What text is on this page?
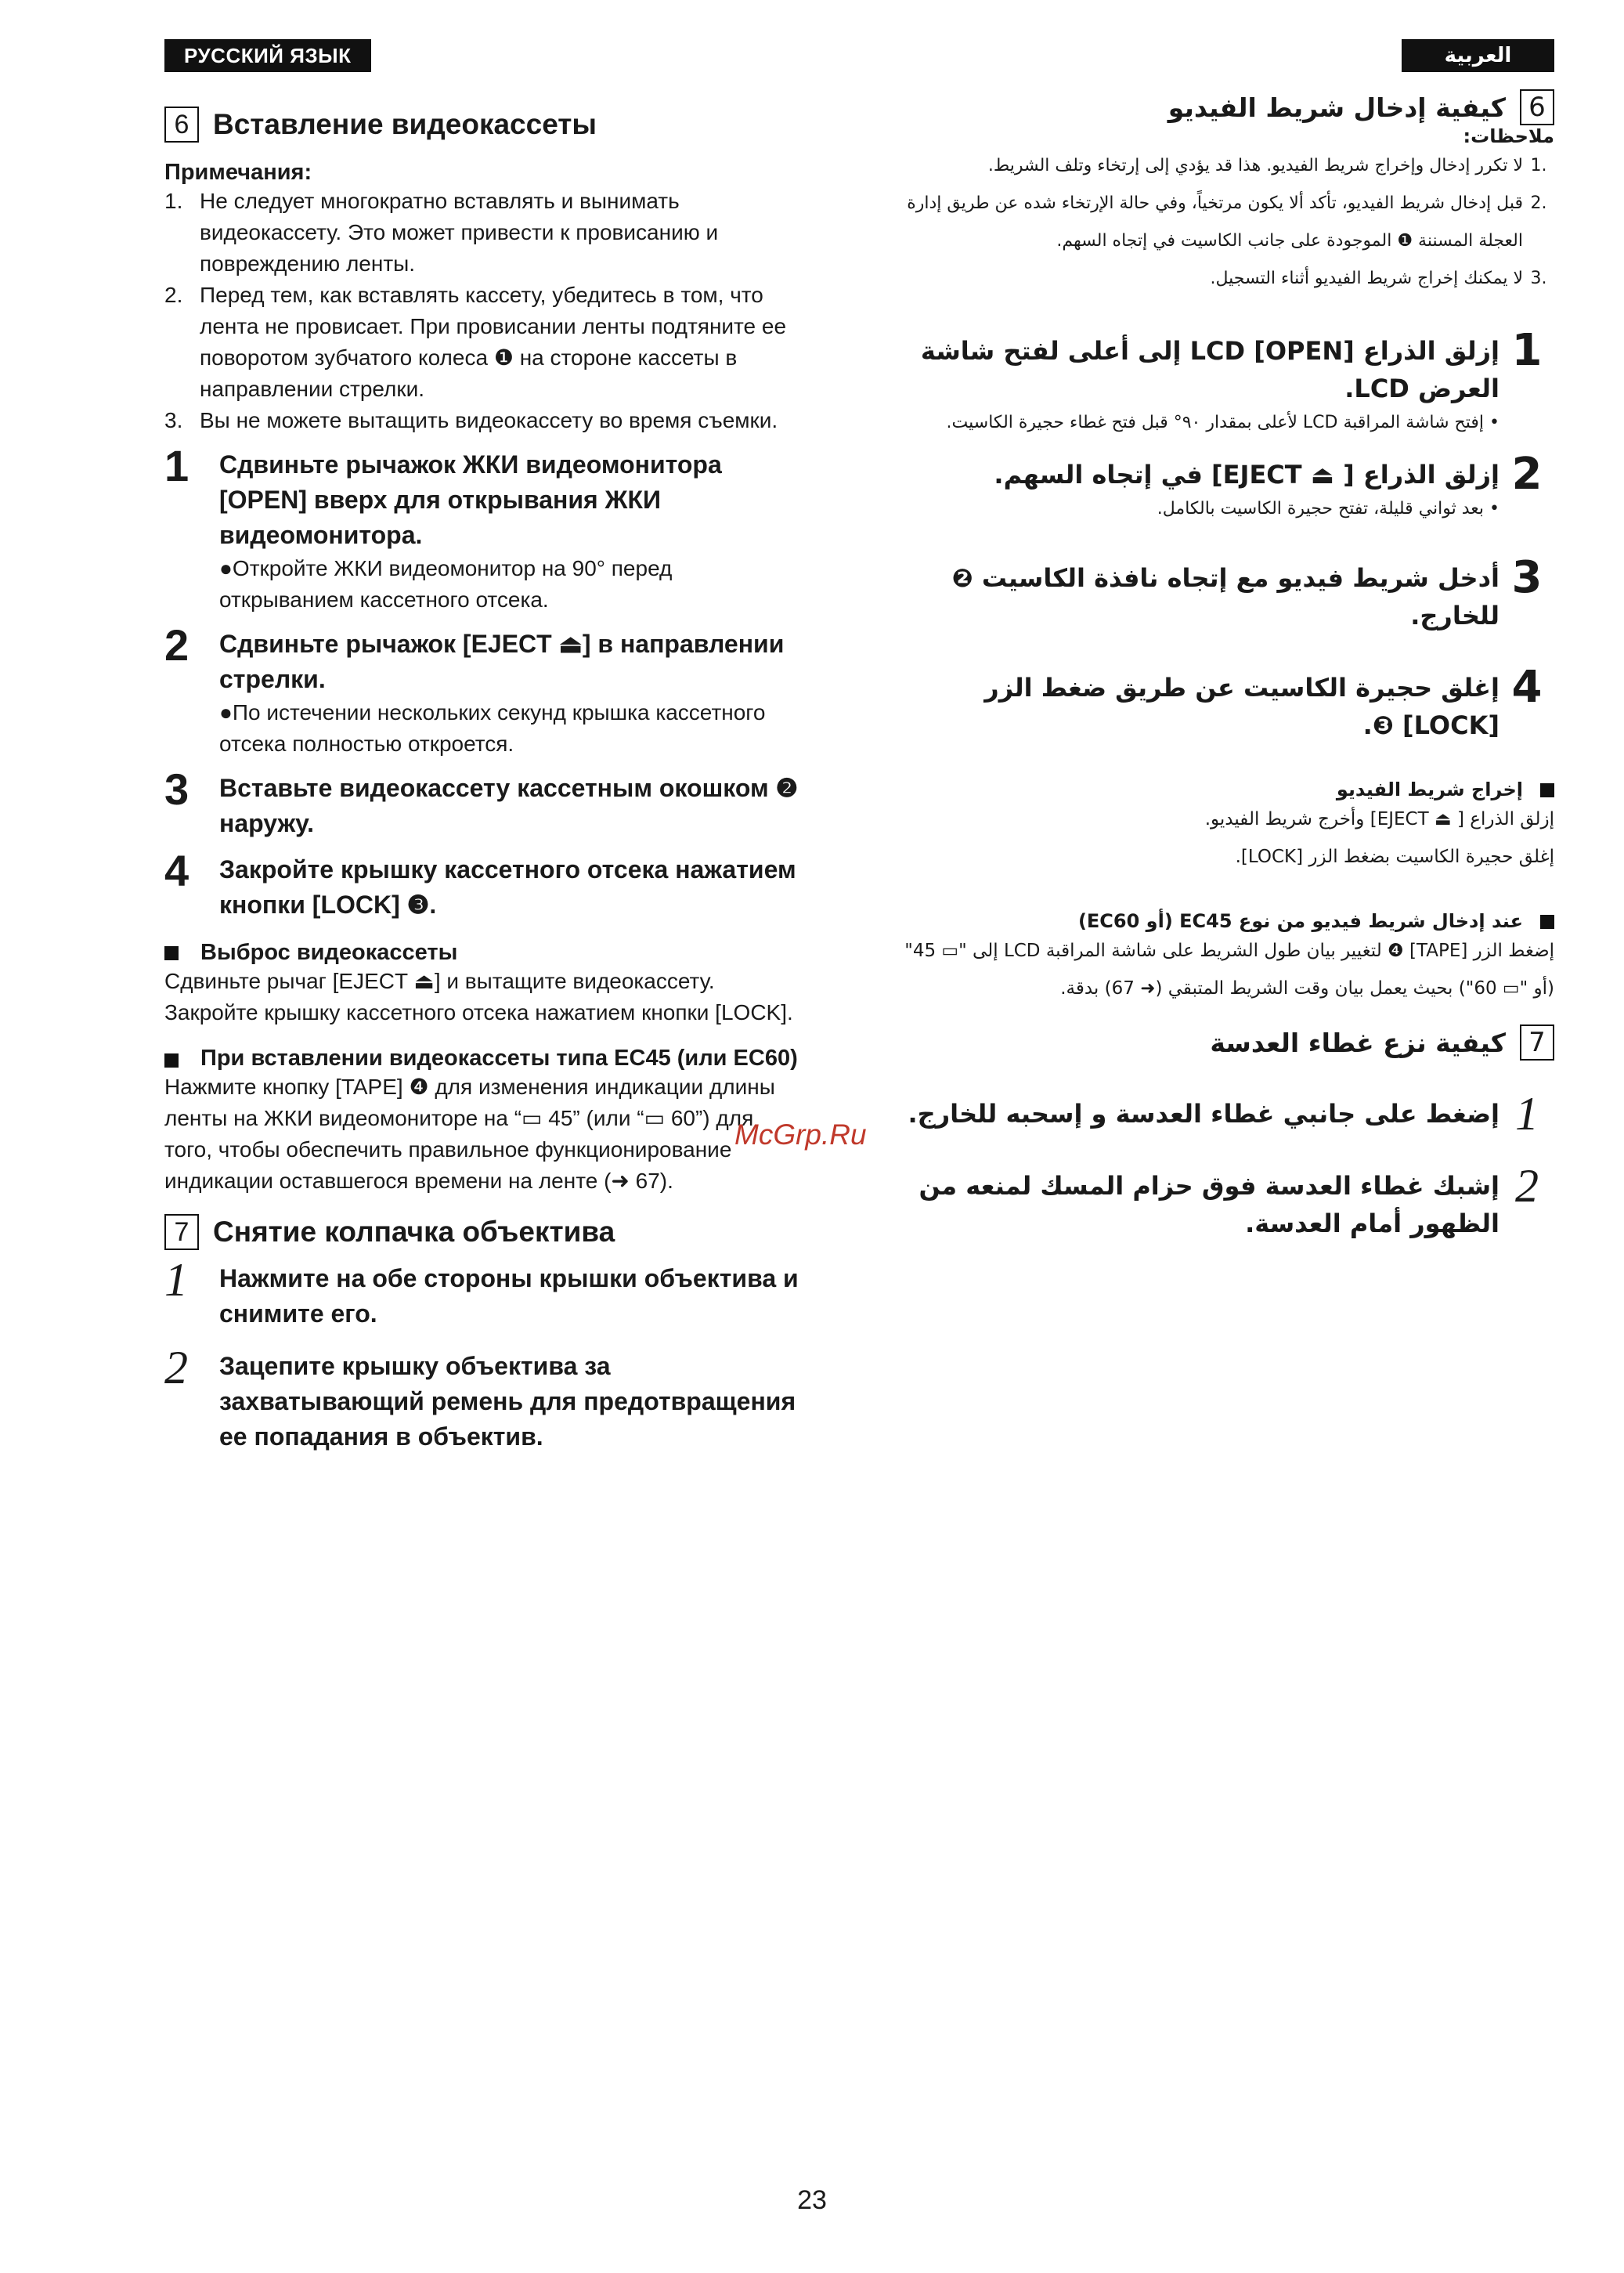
РУССКИЙ ЯЗЫК
6 Вставление видеокассеты
Примечания:
1. Не следует многократно вставлять и вынимать видеокассету. Это может привести к провисанию и повреждению ленты.
2. Перед тем, как вставлять кассету, убедитесь в том, что лента не провисает. При провисании ленты подтяните ее поворотом зубчатого колеса ❶ на стороне кассеты в направлении стрелки.
3. Вы не можете вытащить видеокассету во время съемки.
1	Сдвиньте рычажок ЖКИ видеомонитора [OPEN] вверх для открывания ЖКИ видеомонитора.
●Откройте ЖКИ видеомонитор на 90° перед открыванием кассетного отсека.
2	Сдвиньте рычажок [EJECT ⏏] в направлении стрелки.
●По истечении нескольких секунд крышка кассетного отсека полностью откроется.
3	Вставьте видеокассету кассетным окошком ❷ наружу.
4	Закройте крышку кассетного отсека нажатием кнопки [LOCK] ❸.
Выброс видеокассеты
Сдвиньте рычаг [EJECT ⏏] и вытащите видеокассету.
Закройте крышку кассетного отсека нажатием кнопки [LOCK].
При вставлении видеокассеты типа EC45 (или EC60)
Нажмите кнопку [TAPE] ❹ для изменения индикации длины ленты на ЖКИ видеомониторе на “▭ 45” (или “▭ 60”) для того, чтобы обеспечить правильное функционирование индикации оставшегося времени на ленте (➜ 67).
7 Снятие колпачка объектива
1	Нажмите на обе стороны крышки объектива и снимите его.
2	Зацепите крышку объектива за захватывающий ремень для предотвращения ее попадания в объектив.
العربية
6
كيفية إدخال شريط الفيديو
ملاحظات:
.1
لا تكرر إدخال وإخراج شريط الفيديو. هذا قد يؤدي إلى إرتخاء وتلف الشريط.
.2
قبل إدخال شريط الفيديو، تأكد ألا يكون مرتخياً، وفي حالة الإرتخاء شده عن طريق إدارة العجلة المسننة ❶ الموجودة على جانب الكاسيت في إتجاه السهم.
.3
لا يمكنك إخراج شريط الفيديو أثناء التسجيل.
1
إزلق الذراع [OPEN] LCD إلى أعلى لفتح شاشة العرض LCD.
• إفتح شاشة المراقبة LCD لأعلى بمقدار ٩٠° قبل فتح غطاء حجيرة الكاسيت.
2
إزلق الذراع [ ⏏ EJECT] في إتجاه السهم.
• بعد ثواني قليلة، تفتح حجيرة الكاسيت بالكامل.
3
أدخل شريط فيديو مع إتجاه نافذة الكاسيت ❷ للخارج.
4
إغلق حجيرة الكاسيت عن طريق ضغط الزر [LOCK] ❸.
إخراج شريط الفيديو
إزلق الذراع [ ⏏ EJECT] وأخرج شريط الفيديو.
إغلق حجيرة الكاسيت بضغط الزر [LOCK].
عند إدخال شريط فيديو من نوع EC45 (أو EC60)
إضغط الزر [TAPE] ❹ لتغيير بيان طول الشريط على شاشة المراقبة LCD إلى "▭ 45" (أو "▭ 60") بحيث يعمل بيان وقت الشريط المتبقي (➜ 67) بدقة.
7
كيفية نزع غطاء العدسة
1
إضغط على جانبي غطاء العدسة و إسحبه للخارج.
2
إشبك غطاء العدسة فوق حزام المسك لمنعه من الظهور أمام العدسة.
McGrp.Ru
23
